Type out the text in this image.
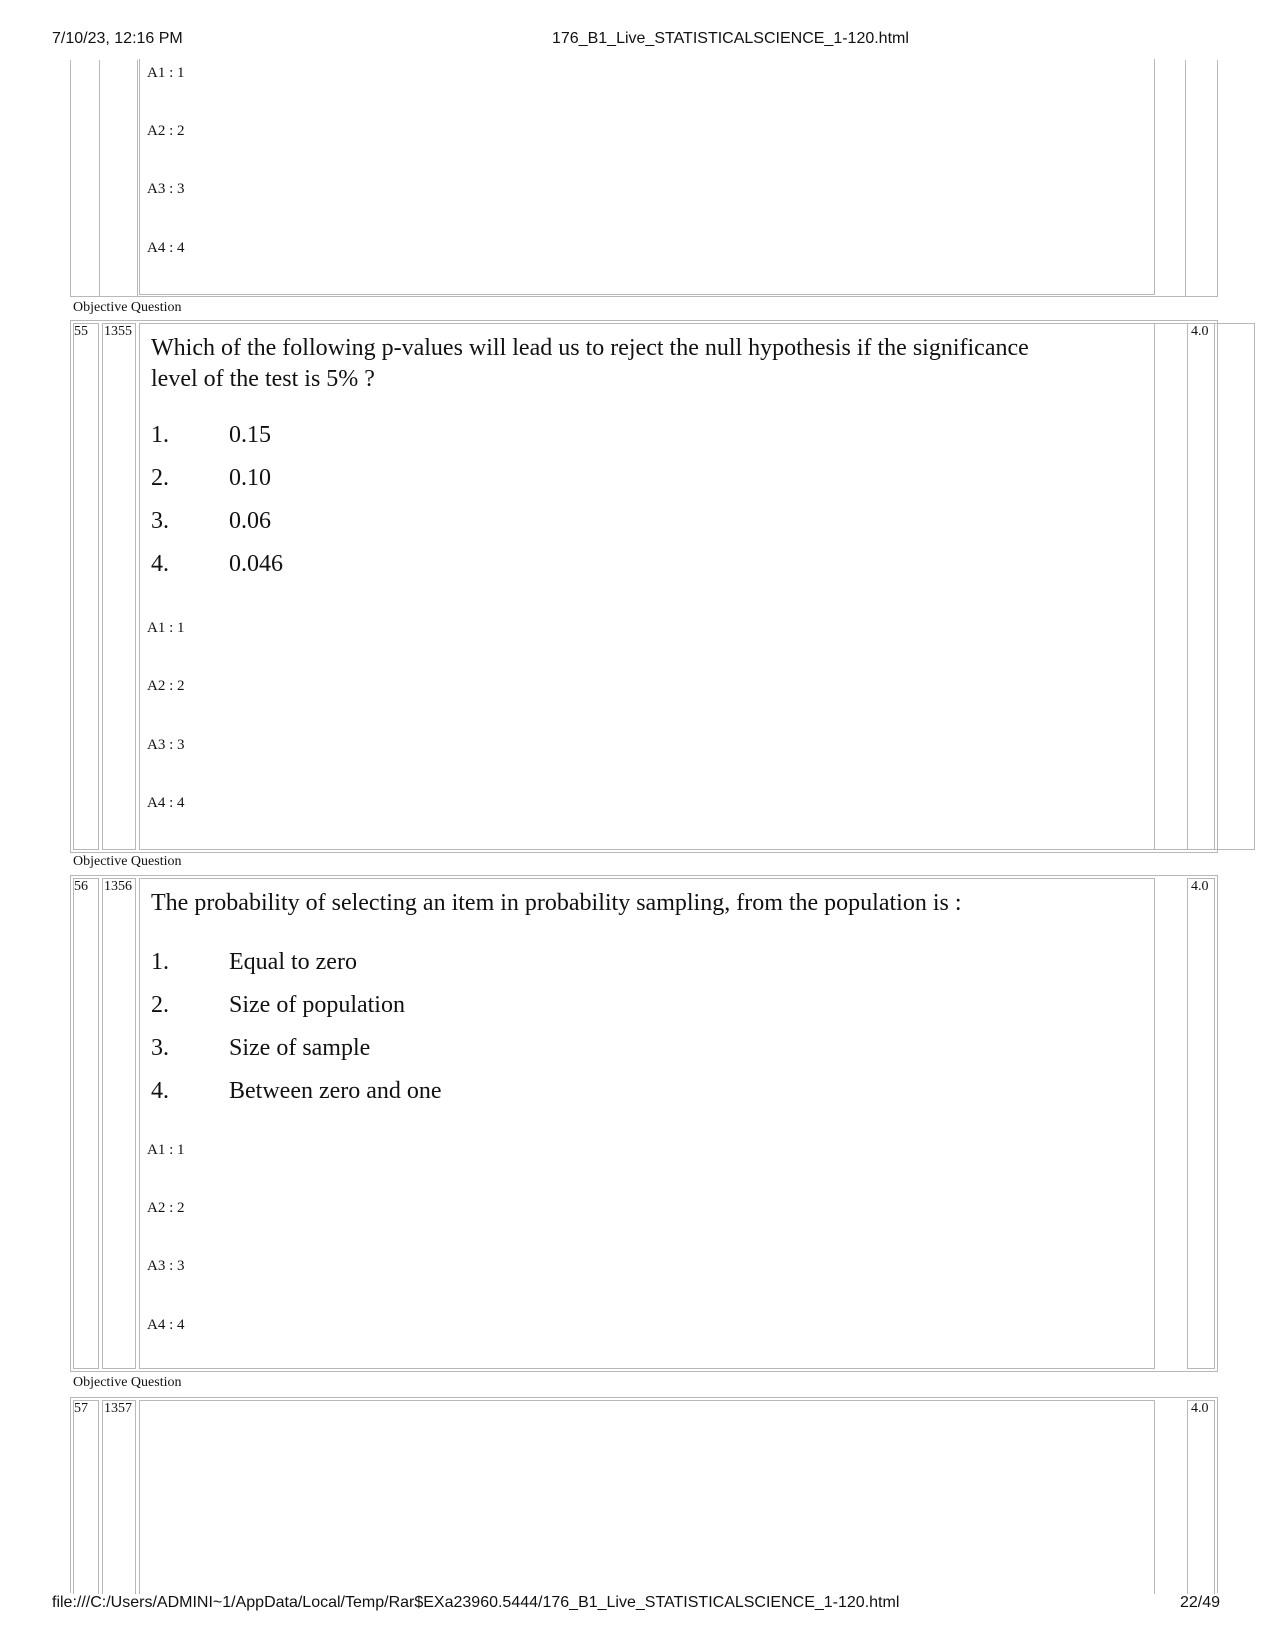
7/10/23, 12:16 PM	176_B1_Live_STATISTICALSCIENCE_1-120.html
A1 : 1
A2 : 2
A3 : 3
A4 : 4
Objective Question
55 1355	4.0
Which of the following p-values will lead us to reject the null hypothesis if the significance level of the test is 5% ?
1.	0.15
2.	0.10
3.	0.06
4.	0.046
A1 : 1
A2 : 2
A3 : 3
A4 : 4
Objective Question
56 1356	4.0
The probability of selecting an item in probability sampling, from the population is :
1.	Equal to zero
2.	Size of population
3.	Size of sample
4.	Between zero and one
A1 : 1
A2 : 2
A3 : 3
A4 : 4
Objective Question
57 1357	4.0
file:///C:/Users/ADMINI~1/AppData/Local/Temp/Rar$EXa23960.5444/176_B1_Live_STATISTICALSCIENCE_1-120.html	22/49
